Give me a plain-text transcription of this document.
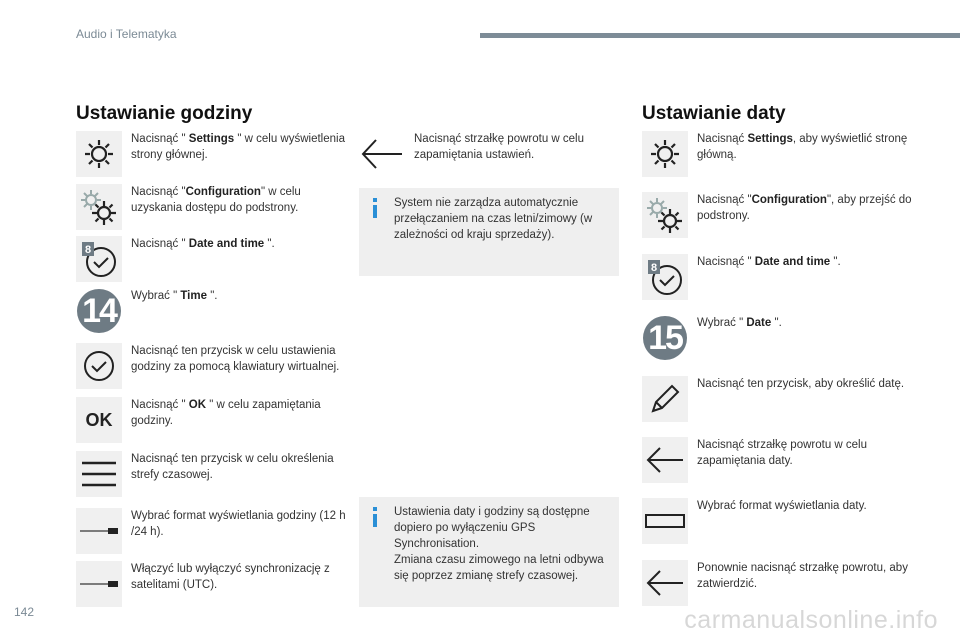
Audio i Telematyka
Ustawianie godziny
Nacisnąć " Settings " w celu wyświetlenia strony głównej.
Nacisnąć "Configuration" w celu uzyskania dostępu do podstrony.
8	Nacisnąć " Date and time ".
14	Wybrać " Time ".
Nacisnąć ten przycisk w celu ustawienia godziny za pomocą klawiatury wirtualnej.
OK
Nacisnąć " OK " w celu zapamiętania godziny.
Nacisnąć ten przycisk w celu określenia strefy czasowej.
Wybrać format wyświetlania godziny (12 h /24 h).
Włączyć lub wyłączyć synchronizację z satelitami (UTC).
Nacisnąć strzałkę powrotu w celu zapamiętania ustawień.
System nie zarządza automatycznie przełączaniem na czas letni/zimowy (w zależności od kraju sprzedaży).
Ustawienia daty i godziny są dostępne dopiero po wyłączeniu GPS Synchronisation.
Zmiana czasu zimowego na letni odbywa się poprzez zmianę strefy czasowej.
Ustawianie daty
Nacisnąć Settings, aby wyświetlić stronę główną.
Nacisnąć "Configuration", aby przejść do podstrony.
8	Nacisnąć " Date and time ".
15	Wybrać " Date ".
Nacisnąć ten przycisk, aby określić datę.
Nacisnąć strzałkę powrotu w celu zapamiętania daty.
Wybrać format wyświetlania daty.
Ponownie nacisnąć strzałkę powrotu, aby zatwierdzić.
142	carmanualsonline.info
